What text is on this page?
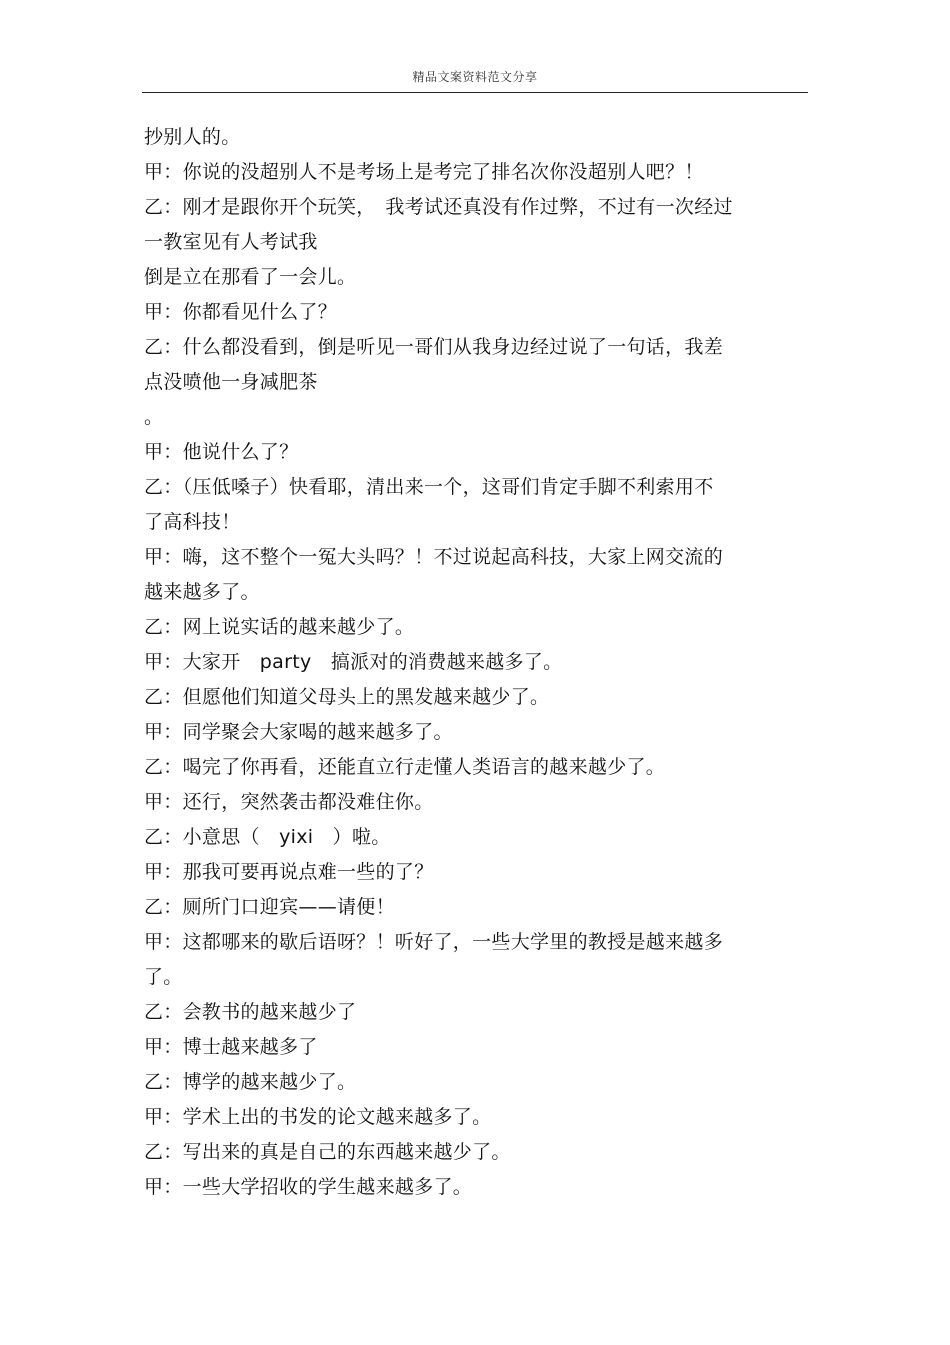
精品文案资料范文分享
抄别人的。
甲：你说的没超别人不是考场上是考完了排名次你没超别人吧？！
乙：刚才是跟你开个玩笑，　我考试还真没有作过弊，不过有一次经过
一教室见有人考试我
倒是立在那看了一会儿。
甲：你都看见什么了？
乙：什么都没看到，倒是听见一哥们从我身边经过说了一句话，我差
点没喷他一身减肥茶
。
甲：他说什么了？
乙：（压低嗓子）快看耶，清出来一个，这哥们肯定手脚不利索用不
了高科技！
甲：嗨，这不整个一冤大头吗？！不过说起高科技，大家上网交流的
越来越多了。
乙：网上说实话的越来越少了。
甲：大家开　party　搞派对的消费越来越多了。
乙：但愿他们知道父母头上的黑发越来越少了。
甲：同学聚会大家喝的越来越多了。
乙：喝完了你再看，还能直立行走懂人类语言的越来越少了。
甲：还行，突然袭击都没难住你。
乙：小意思（　yixi　）啦。
甲：那我可要再说点难一些的了？
乙：厕所门口迎宾——请便！
甲：这都哪来的歇后语呀？！听好了，一些大学里的教授是越来越多
了。
乙：会教书的越来越少了
甲：博士越来越多了
乙：博学的越来越少了。
甲：学术上出的书发的论文越来越多了。
乙：写出来的真是自己的东西越来越少了。
甲：一些大学招收的学生越来越多了。
